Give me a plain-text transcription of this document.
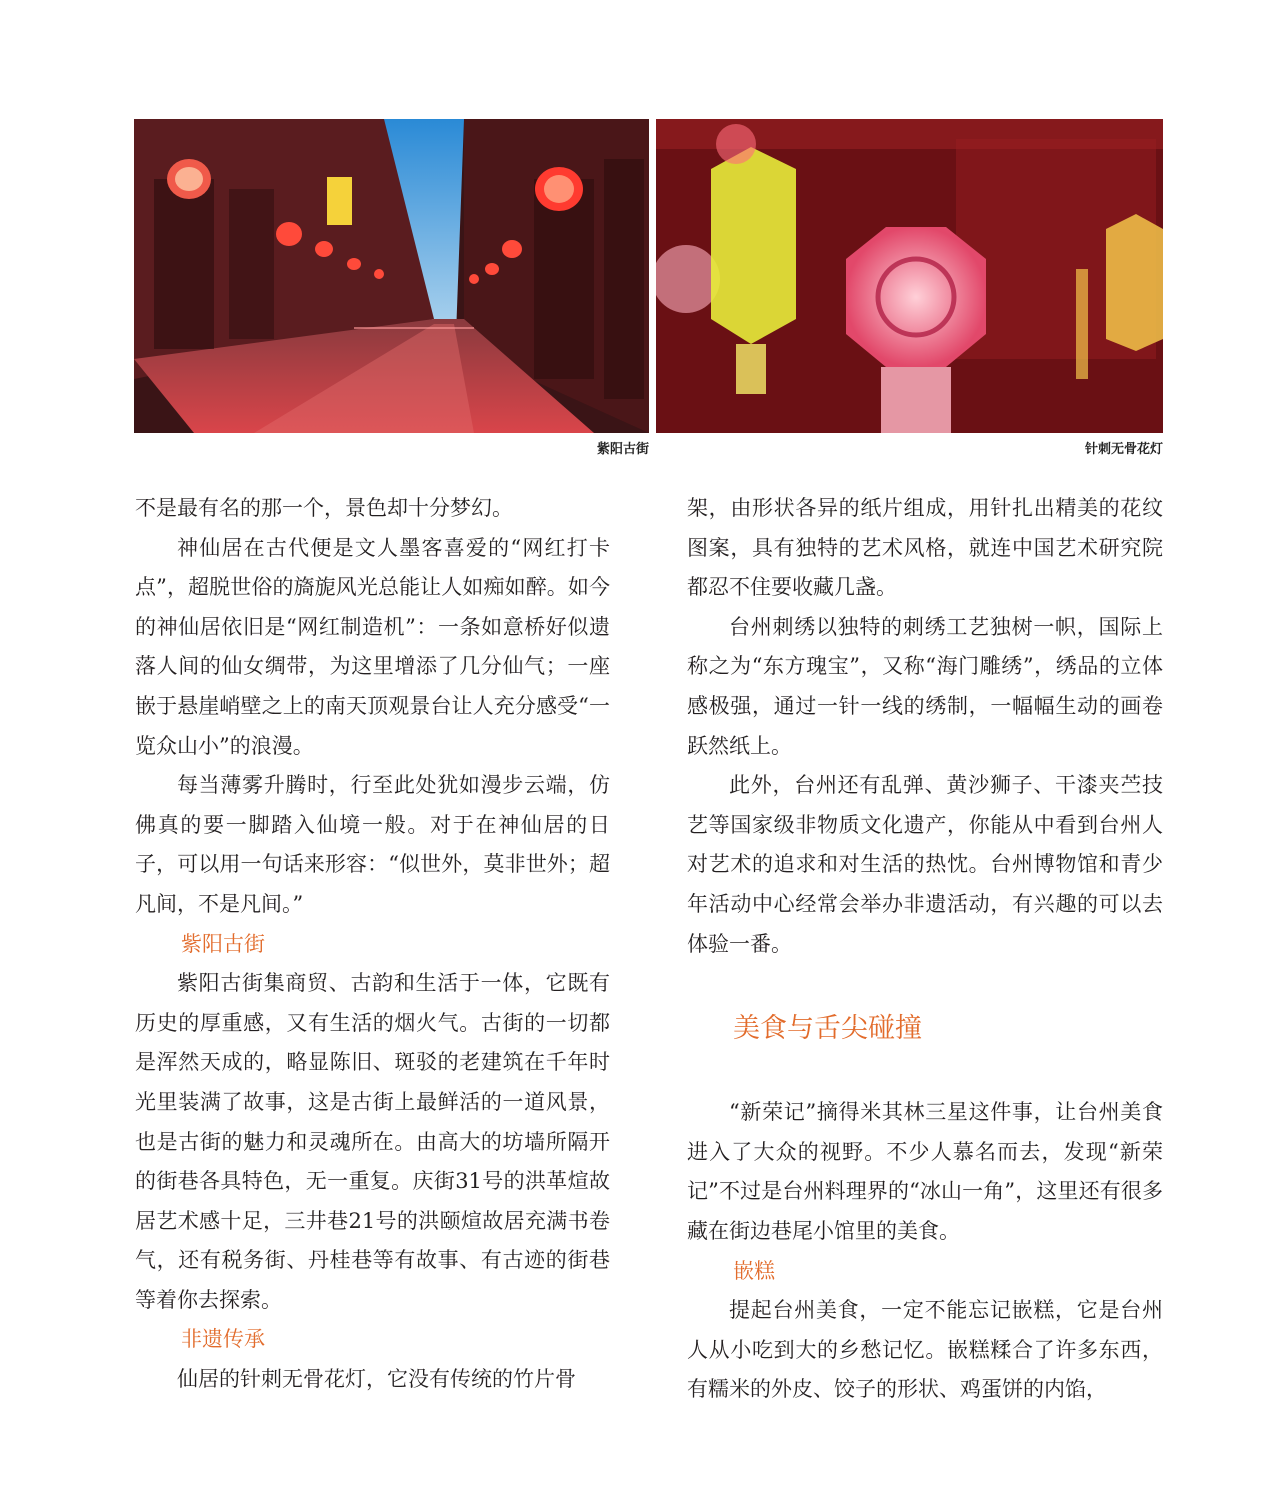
紫阳古街	针刺无骨花灯

不是最有名的那一个，景色却十分梦幻。

神仙居在古代便是文人墨客喜爱的“网红打卡点”，超脱世俗的旖旎风光总能让人如痴如醉。如今的神仙居依旧是“网红制造机”：一条如意桥好似遗落人间的仙女绸带，为这里增添了几分仙气；一座嵌于悬崖峭壁之上的南天顶观景台让人充分感受“一览众山小”的浪漫。

每当薄雾升腾时，行至此处犹如漫步云端，仿佛真的要一脚踏入仙境一般。对于在神仙居的日子，可以用一句话来形容：“似世外，莫非世外；超凡间，不是凡间。”

紫阳古街

紫阳古街集商贸、古韵和生活于一体，它既有历史的厚重感，又有生活的烟火气。古街的一切都是浑然天成的，略显陈旧、斑驳的老建筑在千年时光里装满了故事，这是古街上最鲜活的一道风景，也是古街的魅力和灵魂所在。由高大的坊墙所隔开的街巷各具特色，无一重复。庆街31号的洪革煊故居艺术感十足，三井巷21号的洪颐煊故居充满书卷气，还有税务街、丹桂巷等有故事、有古迹的街巷等着你去探索。

非遗传承

仙居的针刺无骨花灯，它没有传统的竹片骨

架，由形状各异的纸片组成，用针扎出精美的花纹图案，具有独特的艺术风格，就连中国艺术研究院都忍不住要收藏几盏。

台州刺绣以独特的刺绣工艺独树一帜，国际上称之为“东方瑰宝”，又称“海门雕绣”，绣品的立体感极强，通过一针一线的绣制，一幅幅生动的画卷跃然纸上。

此外，台州还有乱弹、黄沙狮子、干漆夹苎技艺等国家级非物质文化遗产，你能从中看到台州人对艺术的追求和对生活的热忱。台州博物馆和青少年活动中心经常会举办非遗活动，有兴趣的可以去体验一番。

美食与舌尖碰撞

“新荣记”摘得米其林三星这件事，让台州美食进入了大众的视野。不少人慕名而去，发现“新荣记”不过是台州料理界的“冰山一角”，这里还有很多藏在街边巷尾小馆里的美食。

嵌糕

提起台州美食，一定不能忘记嵌糕，它是台州人从小吃到大的乡愁记忆。嵌糕糅合了许多东西，有糯米的外皮、饺子的形状、鸡蛋饼的内馅，
